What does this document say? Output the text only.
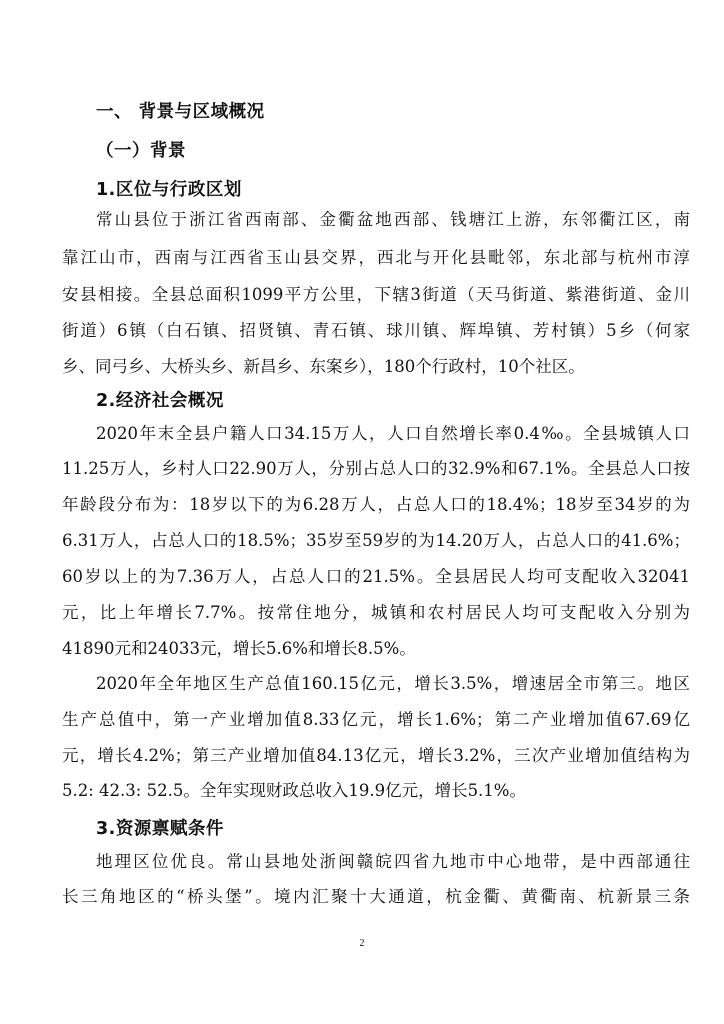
一、 背景与区域概况
（一）背景
1.区位与行政区划

常山县位于浙江省西南部、金衢盆地西部、钱塘江上游，东邻衢江区，南

靠江山市，西南与江西省玉山县交界，西北与开化县毗邻，东北部与杭州市淳

安县相接。全县总面积1099平方公里，下辖3街道（天马街道、紫港街道、金川

街道）6镇（白石镇、招贤镇、青石镇、球川镇、辉埠镇、芳村镇）5乡（何家

乡、同弓乡、大桥头乡、新昌乡、东案乡），180个行政村，10个社区。

2.经济社会概况

2020年末全县户籍人口34.15万人，人口自然增长率0.4‰。全县城镇人口

11.25万人，乡村人口22.90万人，分别占总人口的32.9%和67.1%。全县总人口按

年龄段分布为：18岁以下的为6.28万人，占总人口的18.4%；18岁至34岁的为

6.31万人，占总人口的18.5%；35岁至59岁的为14.20万人，占总人口的41.6%；

60岁以上的为7.36万人，占总人口的21.5%。全县居民人均可支配收入32041

元，比上年增长7.7%。按常住地分，城镇和农村居民人均可支配收入分别为

41890元和24033元，增长5.6%和增长8.5%。

2020年全年地区生产总值160.15亿元，增长3.5%，增速居全市第三。地区

生产总值中，第一产业增加值8.33亿元，增长1.6%；第二产业增加值67.69亿

元，增长4.2%；第三产业增加值84.13亿元，增长3.2%，三次产业增加值结构为

5.2: 42.3: 52.5。全年实现财政总收入19.9亿元，增长5.1%。

3.资源禀赋条件

地理区位优良。常山县地处浙闽赣皖四省九地市中心地带，是中西部通往

长三角地区的“桥头堡”。境内汇聚十大通道，杭金衢、黄衢南、杭新景三条

2
